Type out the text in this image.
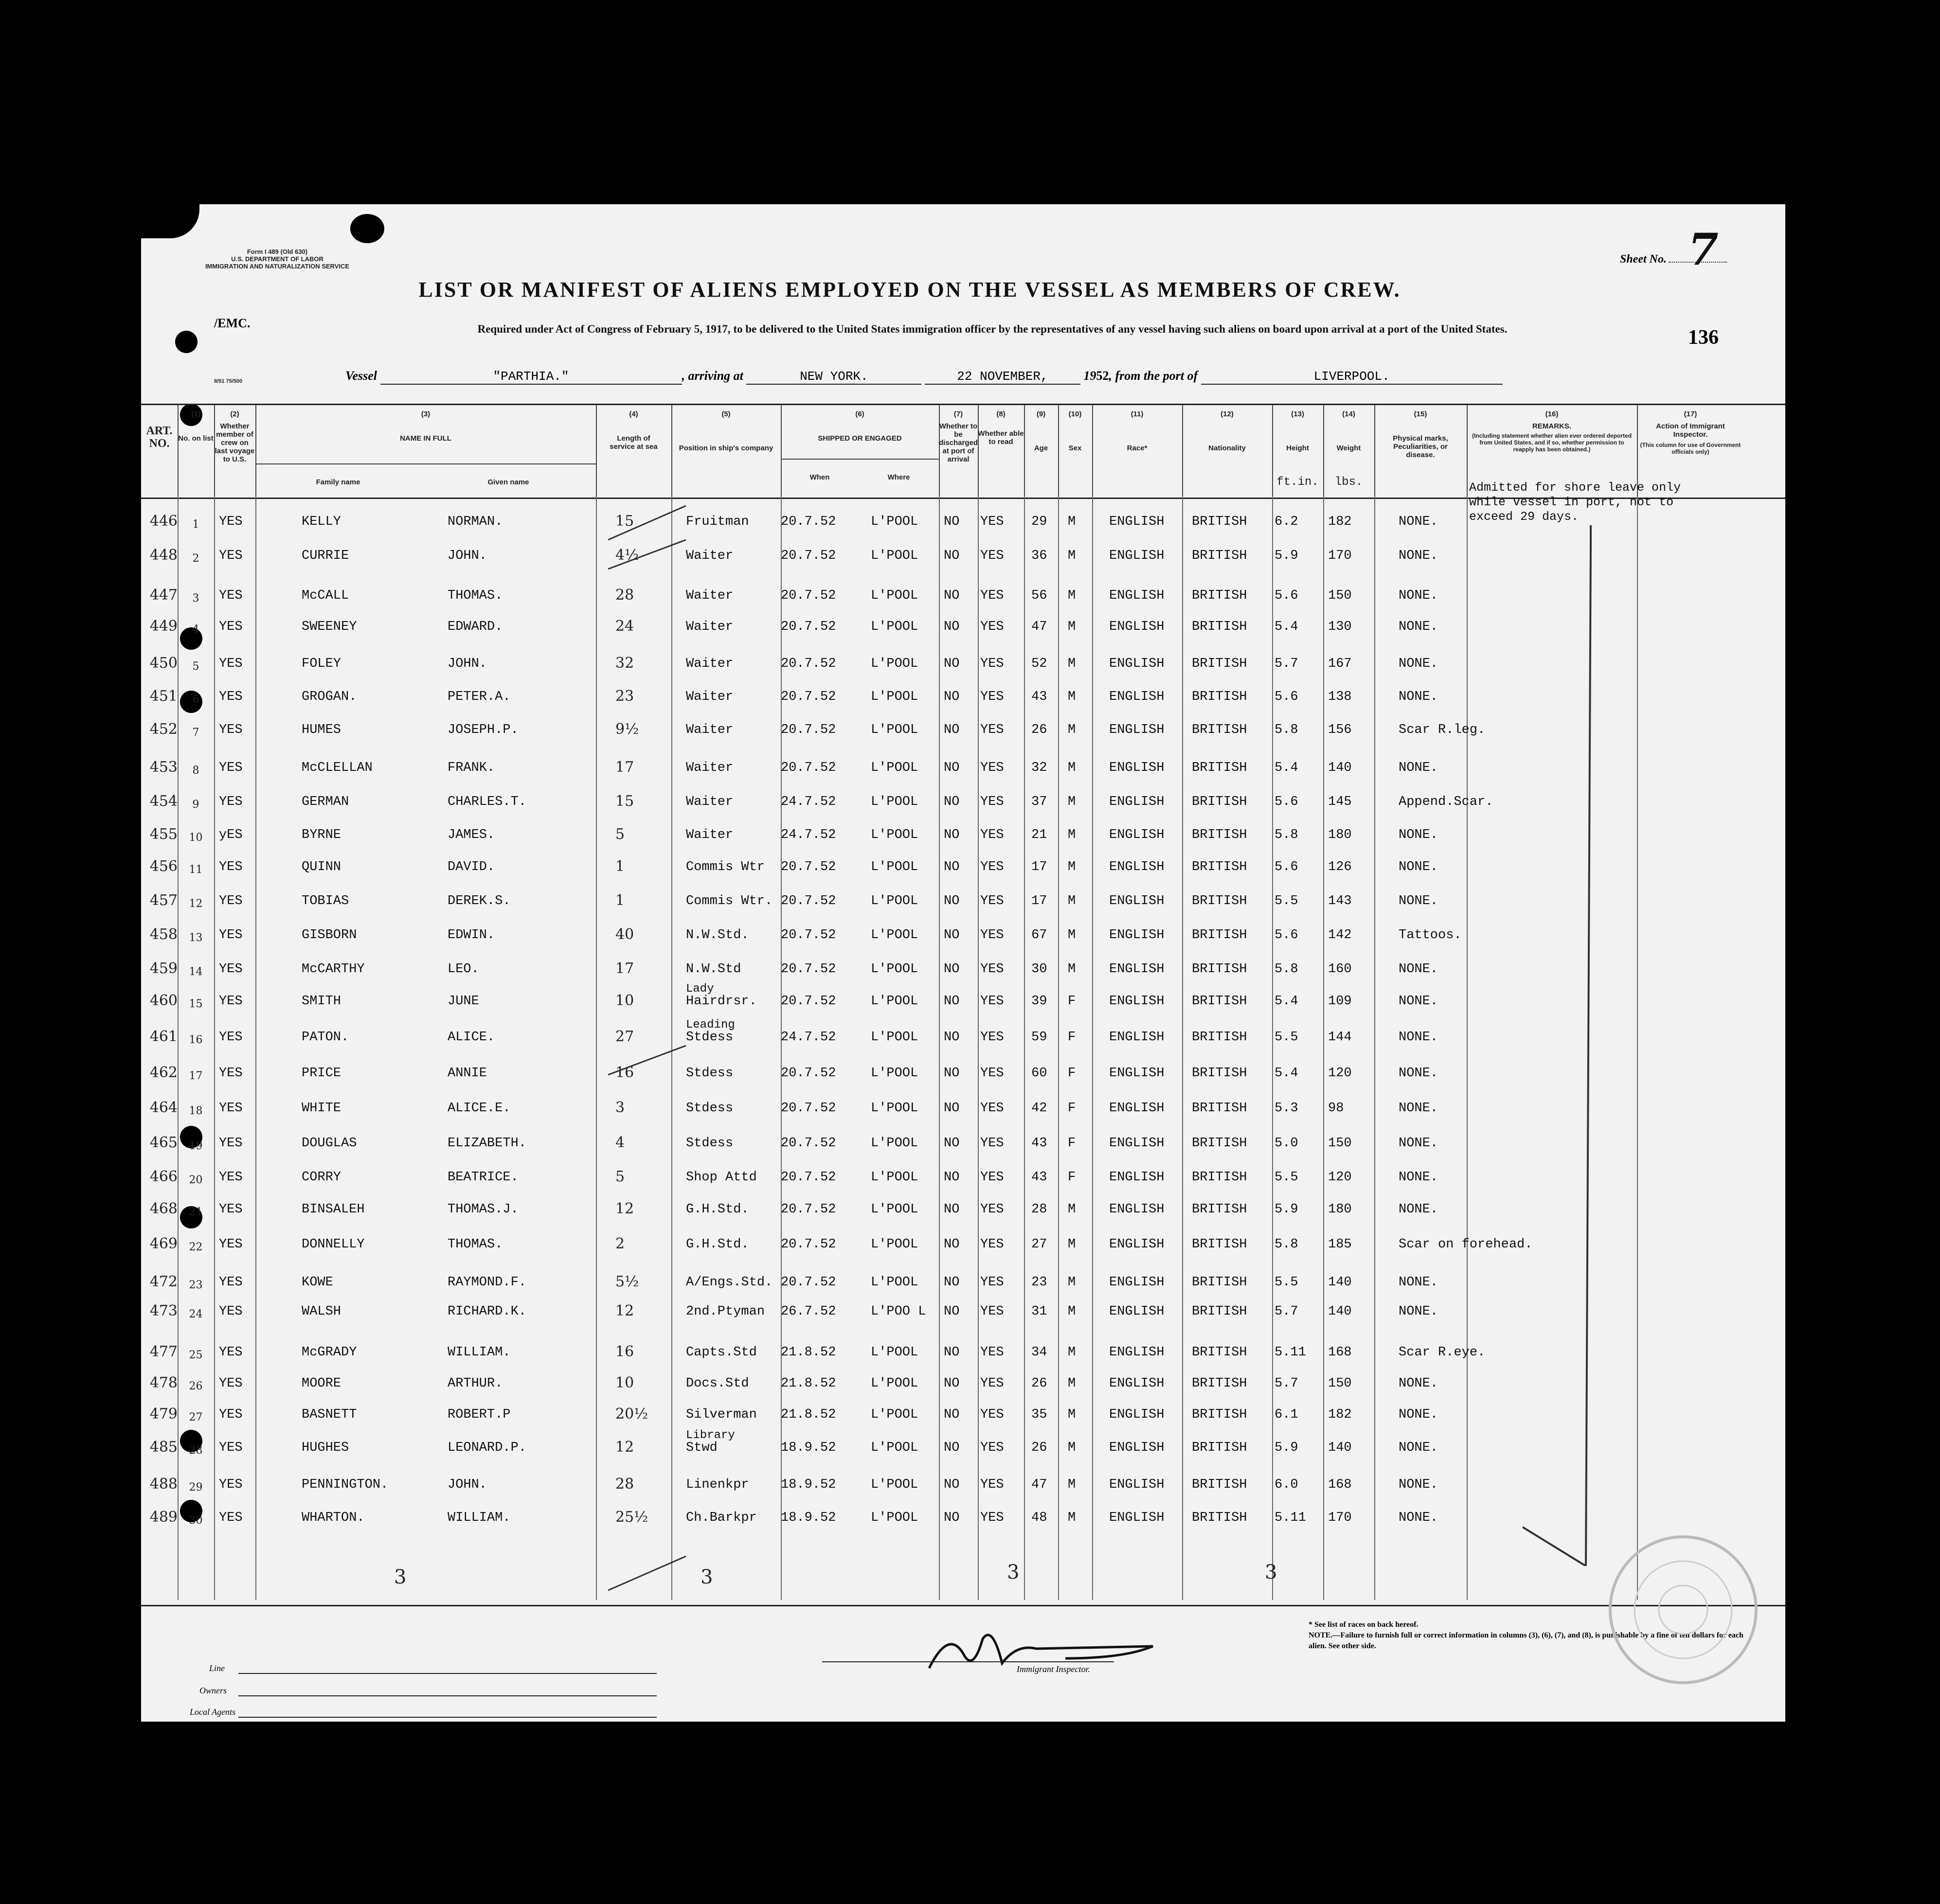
Form I 489 (Old 630)
U.S. DEPARTMENT OF LABOR
IMMIGRATION AND NATURALIZATION SERVICE
/EMC.
8/51 75/500
LIST OR MANIFEST OF ALIENS EMPLOYED ON THE VESSEL AS MEMBERS OF CREW.
Sheet No. 7
136
Required under Act of Congress of February 5, 1917, to be delivered to the United States immigration officer by the representatives of any vessel having such aliens on board upon arrival at a port of the United States.
Vessel	"PARTHIA."	, arriving at	NEW YORK.	22 NOVEMBER,	1952, from the port of	LIVERPOOL.
ART. NO.
(1)
No. on list
(2)
Whether member of crew on last voyage to U.S.
(3)
NAME IN FULL
Family name	Given name
(4)
Length of service at sea
(5)
Position in ship's company
(6)
SHIPPED OR ENGAGED
When	Where
(7)
Whether to be discharged at port of arrival
(8)
Whether able to read
(9)
Age
(10)
Sex
(11)
Race*
(12)
Nationality
(13)
Height
ft.in.
(14)
Weight
lbs.
(15)
Physical marks, Peculiarities, or disease.
(16)
REMARKS.
(Including statement whether alien ever ordered deported from United States, and if so, whether permission to reapply has been obtained.)
(17)
Action of Immigrant Inspector.
(This column for use of Government officials only)
Admitted for shore leave only
while vessel in port, not to
exceed 29 days.
446	1	YES	KELLY	NORMAN.	15	Fruitman 20.7.52	L'POOL NO YES 29 M	ENGLISH BRITISH 6.2 182	NONE.
448	2	YES	CURRIE	JOHN.	4½	Waiter	20.7.52	L'POOL NO YES 36 M	ENGLISH BRITISH 5.9 170	NONE.
447	3	YES	McCALL	THOMAS.	28	Waiter	20.7.52	L'POOL NO YES 56 M	ENGLISH BRITISH 5.6 150	NONE.
449	4	YES	SWEENEY	EDWARD.	24	Waiter	20.7.52	L'POOL NO YES 47 M	ENGLISH BRITISH 5.4 130	NONE.
450	5	YES	FOLEY	JOHN.	32	Waiter	20.7.52	L'POOL NO YES 52 M	ENGLISH BRITISH 5.7 167	NONE.
451	6	YES	GROGAN.	PETER.A.	23	Waiter	20.7.52	L'POOL NO YES 43 M	ENGLISH BRITISH 5.6 138	NONE.
452	7	YES	HUMES	JOSEPH.P.	9½	Waiter	20.7.52	L'POOL NO YES 26 M	ENGLISH BRITISH 5.8 156	Scar R.leg.
453	8	YES	McCLELLAN	FRANK.	17	Waiter	20.7.52	L'POOL NO YES 32 M	ENGLISH BRITISH 5.4 140	NONE.
454	9	YES	GERMAN	CHARLES.T.	15	Waiter	24.7.52	L'POOL NO YES 37 M	ENGLISH BRITISH 5.6 145	Append.Scar.
455	10	yES	BYRNE	JAMES.	5	Waiter	24.7.52	L'POOL NO YES 21 M	ENGLISH BRITISH 5.8 180	NONE.
456	11	YES	QUINN	DAVID.	1	Commis Wtr 20.7.52	L'POOL NO YES 17 M	ENGLISH BRITISH 5.6 126	NONE.
457	12	YES	TOBIAS	DEREK.S.	1	Commis Wtr. 20.7.52	L'POOL NO YES 17 M	ENGLISH BRITISH 5.5 143	NONE.
458	13	YES	GISBORN	EDWIN.	40	N.W.Std. 20.7.52	L'POOL NO YES 67 M	ENGLISH BRITISH 5.6 142	Tattoos.
459	14	YES	McCARTHY	LEO.	17	N.W.Std	20.7.52	L'POOL NO YES 30 M	ENGLISH BRITISH 5.8 160	NONE.
460	15	YES	SMITH	JUNE	10	Hairdrsr. 20.7.52	L'POOL NO YES 39 F	ENGLISH BRITISH 5.4 109	NONE.
Lady
461	16	YES	PATON.	ALICE.	27	Stdess	24.7.52	L'POOL NO YES 59 F	ENGLISH BRITISH 5.5 144	NONE.
Leading
462	17	YES	PRICE	ANNIE	16	Stdess	20.7.52	L'POOL NO YES 60 F	ENGLISH BRITISH 5.4 120	NONE.
464	18	YES	WHITE	ALICE.E.	3	Stdess	20.7.52	L'POOL NO YES 42 F	ENGLISH BRITISH 5.3 98	NONE.
465	19	YES	DOUGLAS	ELIZABETH.	4	Stdess	20.7.52	L'POOL NO YES 43 F	ENGLISH BRITISH 5.0 150	NONE.
466	20	YES	CORRY	BEATRICE.	5	Shop Attd 20.7.52	L'POOL NO YES 43 F	ENGLISH BRITISH 5.5 120	NONE.
468	21	YES	BINSALEH	THOMAS.J.	12	G.H.Std. 20.7.52	L'POOL NO YES 28 M	ENGLISH BRITISH 5.9 180	NONE.
469	22	YES	DONNELLY	THOMAS.	2	G.H.Std. 20.7.52	L'POOL NO YES 27 M	ENGLISH BRITISH 5.8 185	Scar on forehead.
472	23	YES	KOWE	RAYMOND.F.	5½	A/Engs.Std. 20.7.52	L'POOL NO YES 23 M	ENGLISH BRITISH 5.5 140	NONE.
473	24	YES	WALSH	RICHARD.K.	12	2nd.Ptyman 26.7.52	L'POO L NO YES 31 M	ENGLISH BRITISH 5.7 140	NONE.
477	25	YES	McGRADY	WILLIAM.	16	Capts.Std 21.8.52	L'POOL NO YES 34 M	ENGLISH BRITISH 5.11 168	Scar R.eye.
478	26	YES	MOORE	ARTHUR.	10	Docs.Std 21.8.52	L'POOL NO YES 26 M	ENGLISH BRITISH 5.7 150	NONE.
479	27	YES	BASNETT	ROBERT.P	20½	Silverman 21.8.52	L'POOL NO YES 35 M	ENGLISH BRITISH 6.1 182	NONE.
485	28	YES	HUGHES	LEONARD.P.	12	Stwd	18.9.52	L'POOL NO YES 26 M	ENGLISH BRITISH 5.9 140	NONE.
Library
488	29	YES	PENNINGTON.	JOHN.	28	Linenkpr 18.9.52	L'POOL NO YES 47 M	ENGLISH BRITISH 6.0 168	NONE.
489	30	YES	WHARTON.	WILLIAM.	25½	Ch.Barkpr 18.9.52	L'POOL NO YES 48 M	ENGLISH BRITISH 5.11 170	NONE.
3	3	3	3
Line
Owners
Local Agents
Immigrant Inspector.
* See list of races on back hereof.
NOTE.—Failure to furnish full or correct information in columns (3), (6), (7), and (8), is punishable by a fine of ten dollars for each alien. See other side.
